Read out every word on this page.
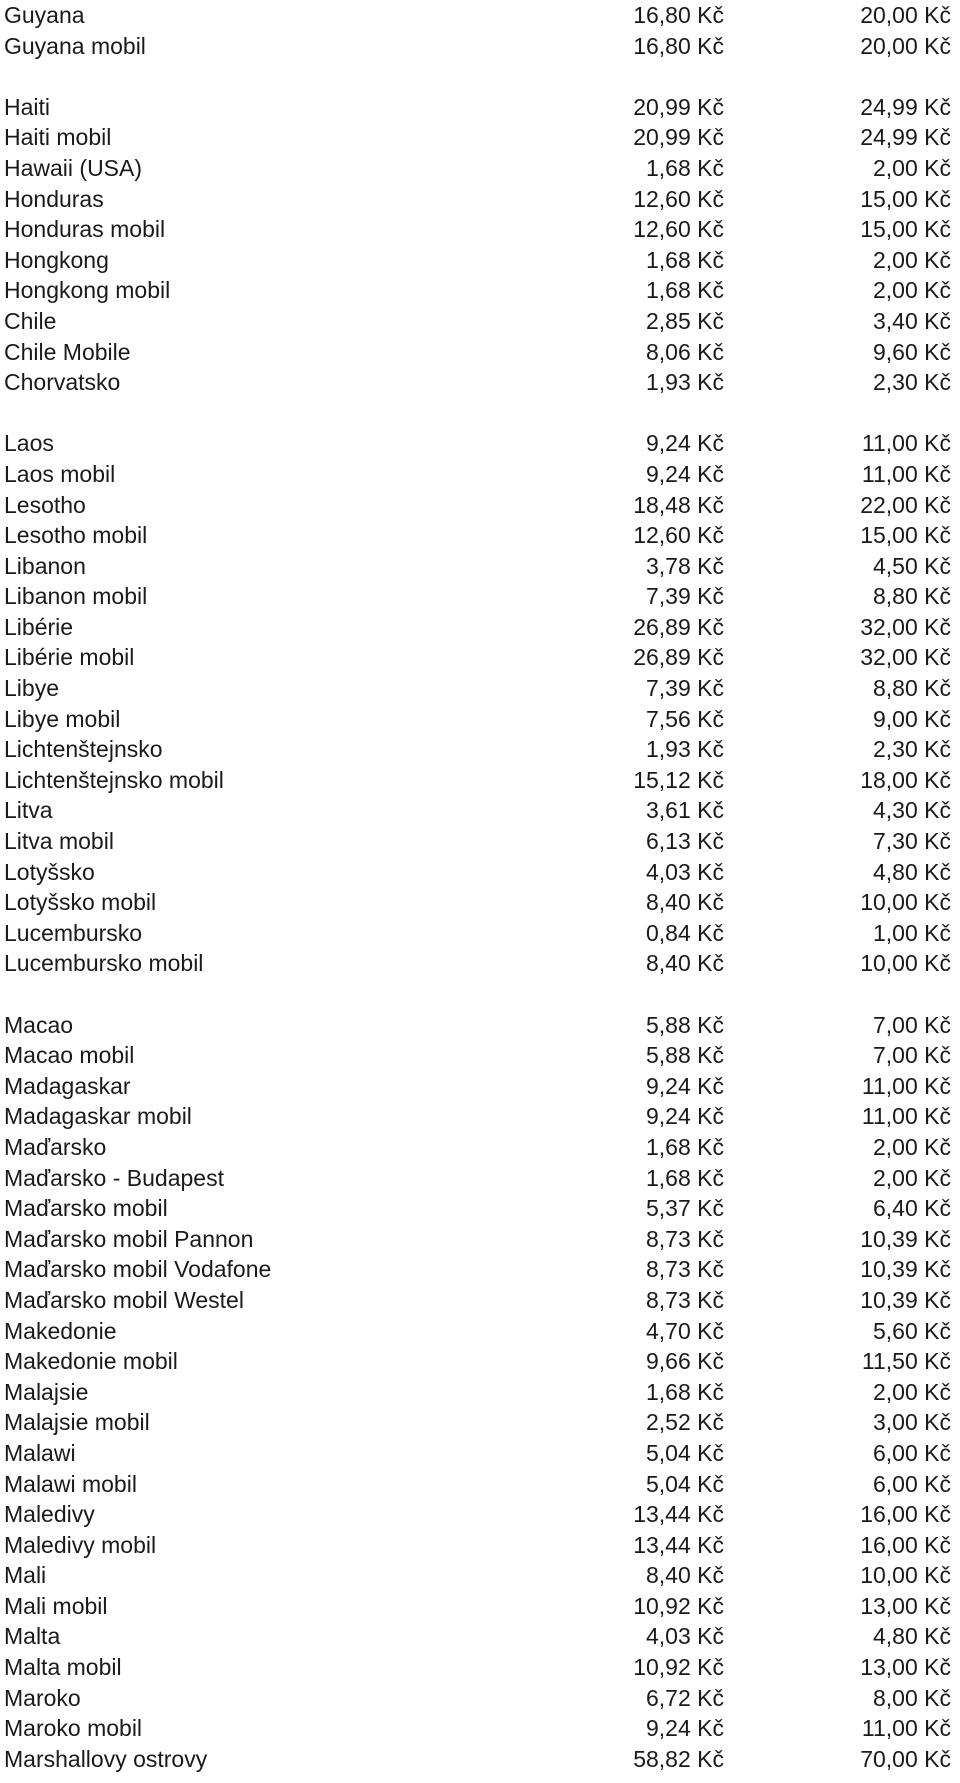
Guyana	16,80 Kč	20,00 Kč
Guyana mobil	16,80 Kč	20,00 Kč
Haiti	20,99 Kč	24,99 Kč
Haiti mobil	20,99 Kč	24,99 Kč
Hawaii (USA)	1,68 Kč	2,00 Kč
Honduras	12,60 Kč	15,00 Kč
Honduras mobil	12,60 Kč	15,00 Kč
Hongkong	1,68 Kč	2,00 Kč
Hongkong mobil	1,68 Kč	2,00 Kč
Chile	2,85 Kč	3,40 Kč
Chile Mobile	8,06 Kč	9,60 Kč
Chorvatsko	1,93 Kč	2,30 Kč
Laos	9,24 Kč	11,00 Kč
Laos mobil	9,24 Kč	11,00 Kč
Lesotho	18,48 Kč	22,00 Kč
Lesotho mobil	12,60 Kč	15,00 Kč
Libanon	3,78 Kč	4,50 Kč
Libanon mobil	7,39 Kč	8,80 Kč
Libérie	26,89 Kč	32,00 Kč
Libérie mobil	26,89 Kč	32,00 Kč
Libye	7,39 Kč	8,80 Kč
Libye mobil	7,56 Kč	9,00 Kč
Lichtenštejnsko	1,93 Kč	2,30 Kč
Lichtenštejnsko mobil	15,12 Kč	18,00 Kč
Litva	3,61 Kč	4,30 Kč
Litva mobil	6,13 Kč	7,30 Kč
Lotyšsko	4,03 Kč	4,80 Kč
Lotyšsko mobil	8,40 Kč	10,00 Kč
Lucembursko	0,84 Kč	1,00 Kč
Lucembursko mobil	8,40 Kč	10,00 Kč
Macao	5,88 Kč	7,00 Kč
Macao mobil	5,88 Kč	7,00 Kč
Madagaskar	9,24 Kč	11,00 Kč
Madagaskar mobil	9,24 Kč	11,00 Kč
Maďarsko	1,68 Kč	2,00 Kč
Maďarsko - Budapest	1,68 Kč	2,00 Kč
Maďarsko mobil	5,37 Kč	6,40 Kč
Maďarsko mobil Pannon	8,73 Kč	10,39 Kč
Maďarsko mobil Vodafone	8,73 Kč	10,39 Kč
Maďarsko mobil Westel	8,73 Kč	10,39 Kč
Makedonie	4,70 Kč	5,60 Kč
Makedonie mobil	9,66 Kč	11,50 Kč
Malajsie	1,68 Kč	2,00 Kč
Malajsie mobil	2,52 Kč	3,00 Kč
Malawi	5,04 Kč	6,00 Kč
Malawi mobil	5,04 Kč	6,00 Kč
Maledivy	13,44 Kč	16,00 Kč
Maledivy mobil	13,44 Kč	16,00 Kč
Mali	8,40 Kč	10,00 Kč
Mali mobil	10,92 Kč	13,00 Kč
Malta	4,03 Kč	4,80 Kč
Malta mobil	10,92 Kč	13,00 Kč
Maroko	6,72 Kč	8,00 Kč
Maroko mobil	9,24 Kč	11,00 Kč
Marshallovy ostrovy	58,82 Kč	70,00 Kč
